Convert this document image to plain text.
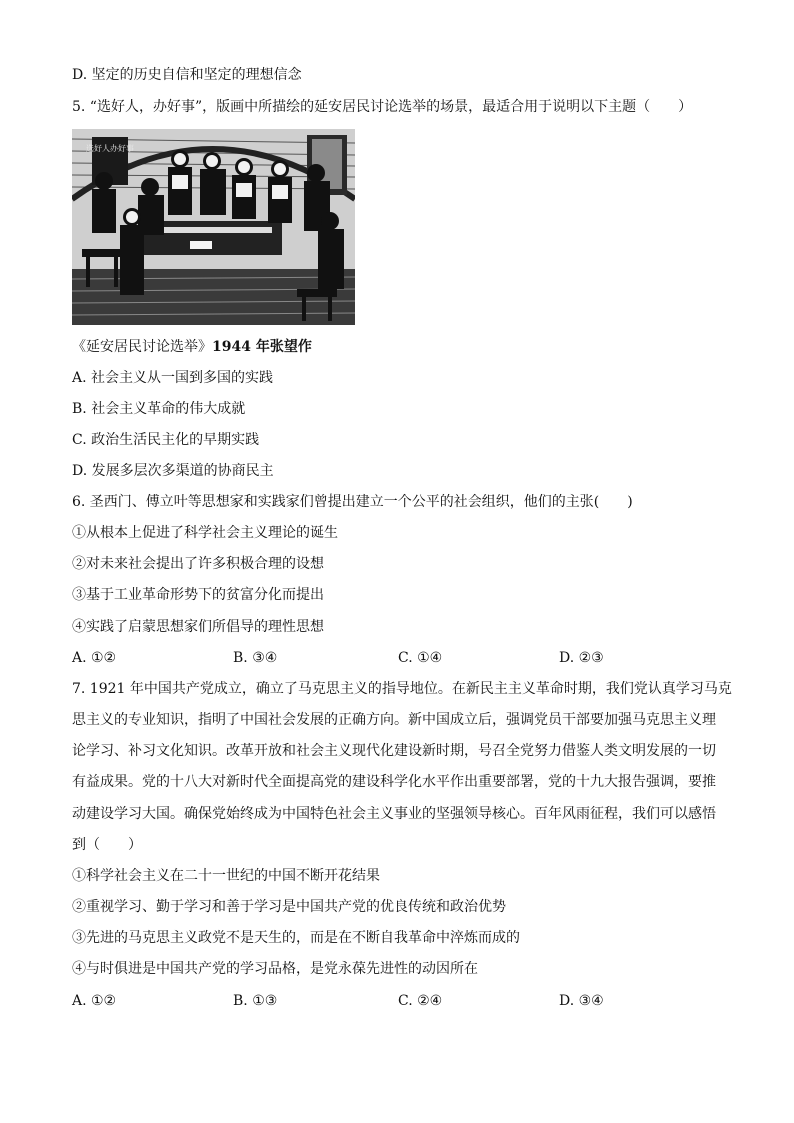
D. 坚定的历史自信和坚定的理想信念
5. “选好人，办好事”，版画中所描绘的延安居民讨论选举的场景，最适合用于说明以下主题（　　）
选好人办好事
《延安居民讨论选举》1944 年张望作
A. 社会主义从一国到多国的实践
B. 社会主义革命的伟大成就
C. 政治生活民主化的早期实践
D. 发展多层次多渠道的协商民主
6. 圣西门、傅立叶等思想家和实践家们曾提出建立一个公平的社会组织，他们的主张(　　)
①从根本上促进了科学社会主义理论的诞生
②对未来社会提出了许多积极合理的设想
③基于工业革命形势下的贫富分化而提出
④实践了启蒙思想家们所倡导的理性思想
A. ①②	B. ③④	C. ①④	D. ②③
7. 1921 年中国共产党成立，确立了马克思主义的指导地位。在新民主主义革命时期，我们党认真学习马克
思主义的专业知识，指明了中国社会发展的正确方向。新中国成立后，强调党员干部要加强马克思主义理
论学习、补习文化知识。改革开放和社会主义现代化建设新时期，号召全党努力借鉴人类文明发展的一切
有益成果。党的十八大对新时代全面提高党的建设科学化水平作出重要部署，党的十九大报告强调，要推
动建设学习大国。确保党始终成为中国特色社会主义事业的坚强领导核心。百年风雨征程，我们可以感悟
到（　　）
①科学社会主义在二十一世纪的中国不断开花结果
②重视学习、勤于学习和善于学习是中国共产党的优良传统和政治优势
③先进的马克思主义政党不是天生的，而是在不断自我革命中淬炼而成的
④与时俱进是中国共产党的学习品格，是党永葆先进性的动因所在
A. ①②	B. ①③	C. ②④	D. ③④
